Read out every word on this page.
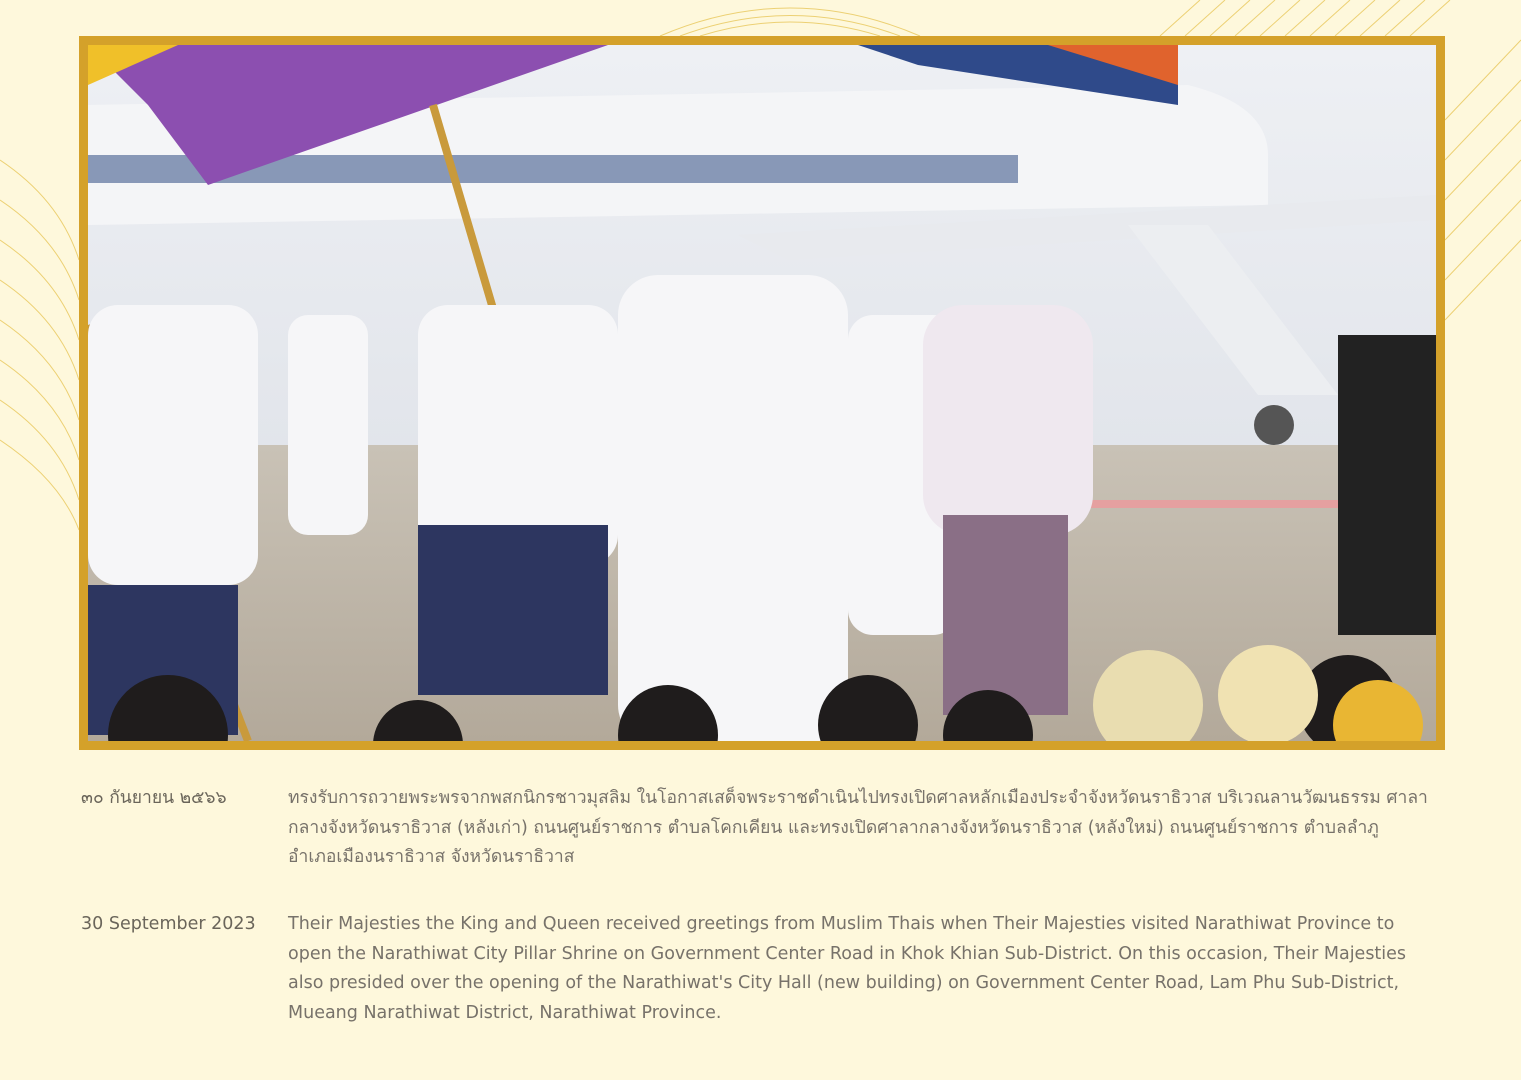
๓๐ กันยายน ๒๕๖๖	ทรงรับการถวายพระพรจากพสกนิกรชาวมุสลิม ในโอกาสเสด็จพระราชดำเนินไปทรงเปิดศาลหลักเมืองประจำจังหวัดนราธิวาส บริเวณลานวัฒนธรรม ศาลากลางจังหวัดนราธิวาส (หลังเก่า) ถนนศูนย์ราชการ ตำบลโคกเคียน และทรงเปิดศาลากลางจังหวัดนราธิวาส (หลังใหม่) ถนนศูนย์ราชการ ตำบลลำภู อำเภอเมืองนราธิวาส จังหวัดนราธิวาส
30 September 2023	Their Majesties the King and Queen received greetings from Muslim Thais when Their Majesties visited Narathiwat Province to open the Narathiwat City Pillar Shrine on Government Center Road in Khok Khian Sub-District. On this occasion, Their Majesties also presided over the opening of the Narathiwat's City Hall (new building) on Government Center Road, Lam Phu Sub-District, Mueang Narathiwat District, Narathiwat Province.
